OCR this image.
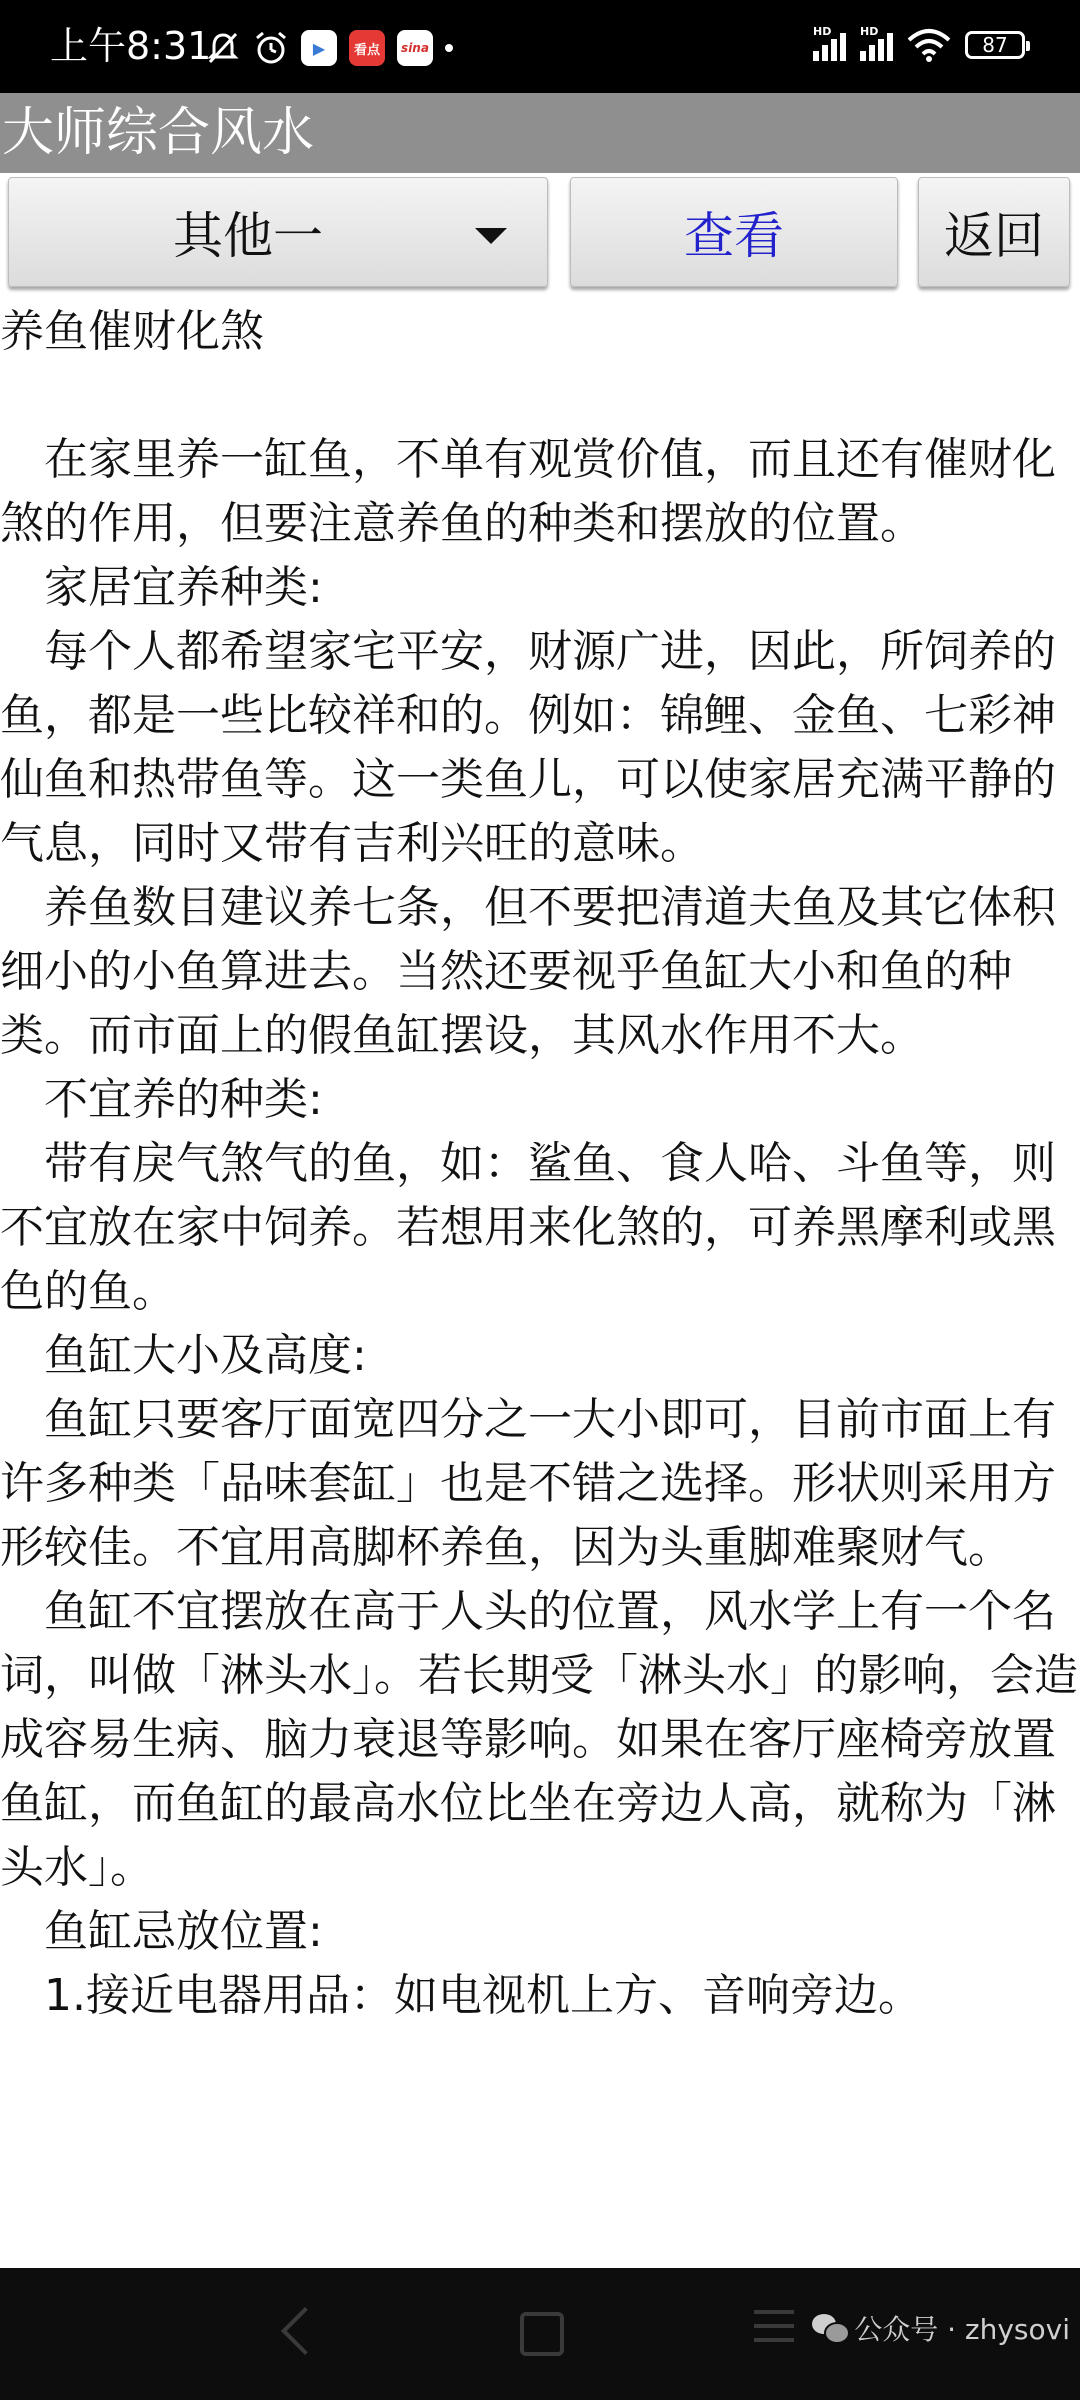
上午8:31	▶	看点	sina
HD	HD
87
大师综合风水
其他一	查看	返回

养鱼催财化煞

在家里养一缸鱼，不单有观赏价值，而且还有催财化煞的作用，但要注意养鱼的种类和摆放的位置。

家居宜养种类:

每个人都希望家宅平安，财源广进，因此，所饲养的鱼，都是一些比较祥和的。例如：锦鲤、金鱼、七彩神仙鱼和热带鱼等。这一类鱼儿，可以使家居充满平静的气息，同时又带有吉利兴旺的意味。

养鱼数目建议养七条，但不要把清道夫鱼及其它体积细小的小鱼算进去。当然还要视乎鱼缸大小和鱼的种类。而市面上的假鱼缸摆设，其风水作用不大。

不宜养的种类:

带有戾气煞气的鱼，如：鲨鱼、食人哈、斗鱼等，则不宜放在家中饲养。若想用来化煞的，可养黑摩利或黑色的鱼。

鱼缸大小及高度:

鱼缸只要客厅面宽四分之一大小即可，目前市面上有许多种类「品味套缸」也是不错之选择。形状则采用方形较佳。不宜用高脚杯养鱼，因为头重脚难聚财气。

鱼缸不宜摆放在高于人头的位置，风水学上有一个名词，叫做「淋头水」。若长期受「淋头水」的影响，会造成容易生病、脑力衰退等影响。如果在客厅座椅旁放置鱼缸，而鱼缸的最高水位比坐在旁边人高，就称为「淋头水」。

鱼缸忌放位置:

1.接近电器用品：如电视机上方、音响旁边。

公众号 · zhysovi
